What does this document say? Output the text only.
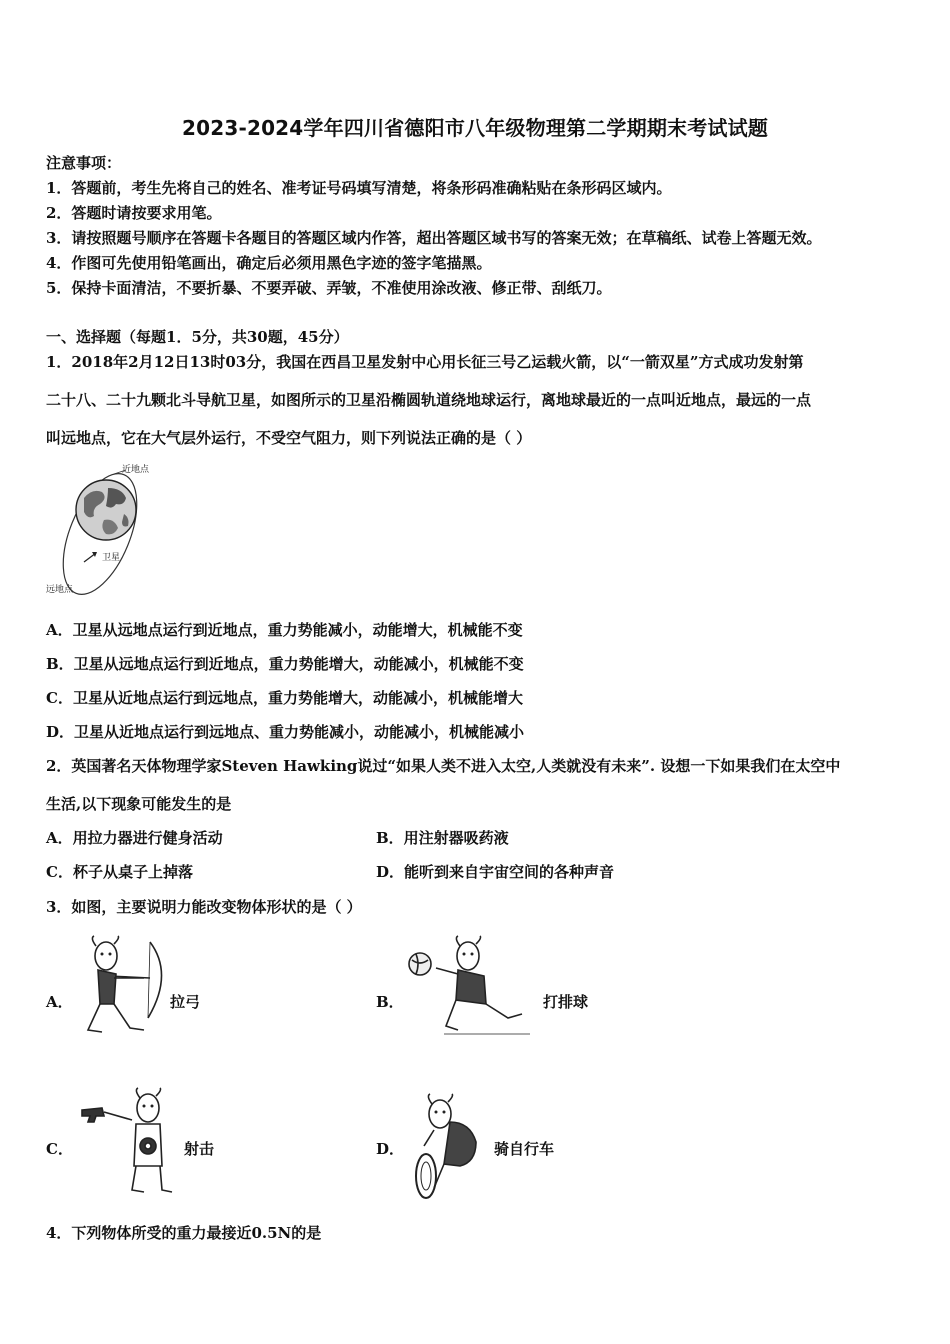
2023-2024学年四川省德阳市八年级物理第二学期期末考试试题
注意事项：
1．答题前，考生先将自己的姓名、准考证号码填写清楚，将条形码准确粘贴在条形码区域内。
2．答题时请按要求用笔。
3．请按照题号顺序在答题卡各题目的答题区域内作答，超出答题区域书写的答案无效；在草稿纸、试卷上答题无效。
4．作图可先使用铅笔画出，确定后必须用黑色字迹的签字笔描黑。
5．保持卡面清洁，不要折暴、不要弄破、弄皱，不准使用涂改液、修正带、刮纸刀。
一、选择题（每题1．5分，共30题，45分）
1．2018年2月12日13时03分，我国在西昌卫星发射中心用长征三号乙运载火箭，以“一箭双星”方式成功发射第
二十八、二十九颗北斗导航卫星，如图所示的卫星沿椭圆轨道绕地球运行，离地球最近的一点叫近地点，最远的一点
叫远地点，它在大气层外运行，不受空气阻力，则下列说法正确的是（ ）
近地点
卫星
远地点
A．卫星从远地点运行到近地点，重力势能减小，动能增大，机械能不变
B．卫星从远地点运行到近地点，重力势能增大，动能减小，机械能不变
C．卫星从近地点运行到远地点，重力势能增大，动能减小，机械能增大
D．卫星从近地点运行到远地点、重力势能减小，动能减小，机械能减小
2．英国著名天体物理学家Steven Hawking说过“如果人类不进入太空,人类就没有未来”. 设想一下如果我们在太空中
生活,以下现象可能发生的是
A．用拉力器进行健身活动	B．用注射器吸药液
C．杯子从桌子上掉落	D．能听到来自宇宙空间的各种声音
3．如图，主要说明力能改变物体形状的是（ ）
A．	拉弓	B．	打排球
C．	射击	D．	骑自行车
4．下列物体所受的重力最接近0.5N的是
